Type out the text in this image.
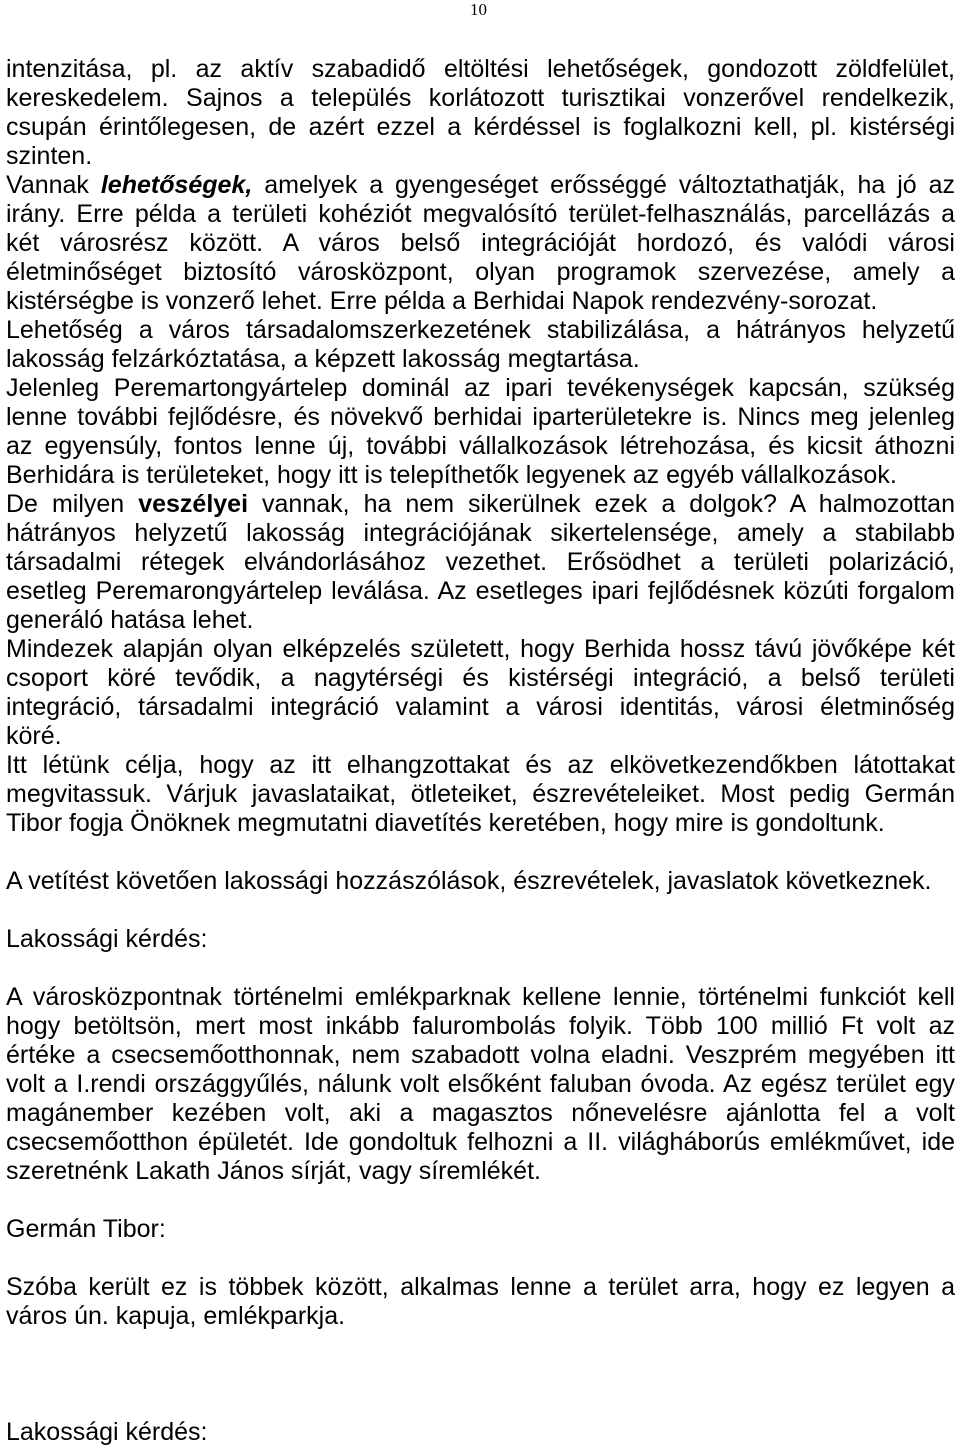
10
intenzitása, pl. az aktív szabadidő eltöltési lehetőségek, gondozott zöldfelület,
kereskedelem. Sajnos a település korlátozott turisztikai vonzerővel rendelkezik,
csupán érintőlegesen, de azért ezzel a kérdéssel is foglalkozni kell, pl. kistérségi
szinten.
Vannak lehetőségek, amelyek a gyengeséget erősséggé változtathatják, ha jó az
irány. Erre példa a területi kohéziót megvalósító terület-felhasználás, parcellázás a
két városrész között. A város belső integrációját hordozó, és valódi városi
életminőséget biztosító városközpont, olyan programok szervezése, amely a
kistérségbe is vonzerő lehet. Erre példa a Berhidai Napok rendezvény-sorozat.
Lehetőség a város társadalomszerkezetének stabilizálása, a hátrányos helyzetű
lakosság felzárkóztatása, a képzett lakosság megtartása.
Jelenleg Peremartongyártelep dominál az ipari tevékenységek kapcsán, szükség
lenne további fejlődésre, és növekvő berhidai iparterületekre is. Nincs meg jelenleg
az egyensúly, fontos lenne új, további vállalkozások létrehozása, és kicsit áthozni
Berhidára is területeket, hogy itt is telepíthetők legyenek az egyéb vállalkozások.
De milyen veszélyei vannak, ha nem sikerülnek ezek a dolgok? A halmozottan
hátrányos helyzetű lakosság integrációjának sikertelensége, amely a stabilabb
társadalmi rétegek elvándorlásához vezethet. Erősödhet a területi polarizáció,
esetleg Peremarongyártelep leválása. Az esetleges ipari fejlődésnek közúti forgalom
generáló hatása lehet.
Mindezek alapján olyan elképzelés született, hogy Berhida hossz távú jövőképe két
csoport köré tevődik, a nagytérségi és kistérségi integráció, a belső területi
integráció, társadalmi integráció valamint a városi identitás, városi életminőség
köré.
Itt létünk célja, hogy az itt elhangzottakat és az elkövetkezendőkben látottakat
megvitassuk. Várjuk javaslataikat, ötleteiket, észrevételeiket. Most pedig Germán
Tibor fogja Önöknek megmutatni diavetítés keretében, hogy mire is gondoltunk.
A vetítést követően lakossági hozzászólások, észrevételek, javaslatok következnek.
Lakossági kérdés:
A városközpontnak történelmi emlékparknak kellene lennie, történelmi funkciót kell
hogy betöltsön, mert most inkább falurombolás folyik. Több 100 millió Ft volt az
értéke a csecsemőotthonnak, nem szabadott volna eladni. Veszprém megyében itt
volt a I.rendi országgyűlés, nálunk volt elsőként faluban óvoda. Az egész terület egy
magánember kezében volt, aki a magasztos nőnevelésre ajánlotta fel a volt
csecsemőotthon épületét. Ide gondoltuk felhozni a II. világháborús emlékművet, ide
szeretnénk Lakath János sírját, vagy síremlékét.
Germán Tibor:
Szóba került ez is többek között, alkalmas lenne a terület arra, hogy ez legyen a
város ún. kapuja, emlékparkja.
Lakossági kérdés:
